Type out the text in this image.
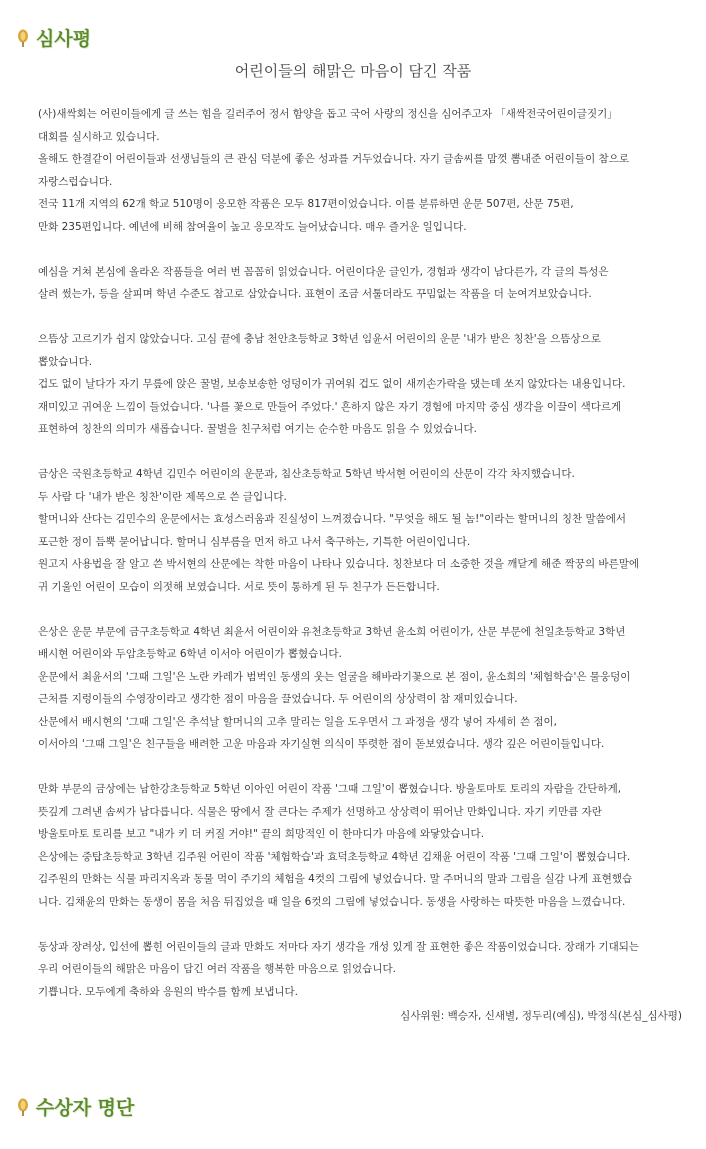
심사평
어린이들의 해맑은 마음이 담긴 작품
(사)새싹회는 어린이들에게 글 쓰는 힘을 길러주어 정서 함양을 돕고 국어 사랑의 정신을 심어주고자 「새싹전국어린이글짓기」
대회를 실시하고 있습니다.
올해도 한결같이 어린이들과 선생님들의 큰 관심 덕분에 좋은 성과를 거두었습니다. 자기 글솜씨를 맘껏 뽐내준 어린이들이 참으로
자랑스럽습니다.
전국 11개 지역의 62개 학교 510명이 응모한 작품은 모두 817편이었습니다. 이를 분류하면 운문 507편, 산문 75편,
만화 235편입니다. 예년에 비해 참여율이 높고 응모작도 늘어났습니다. 매우 즐거운 일입니다.
예심을 거쳐 본심에 올라온 작품들을 여러 번 꼼꼼히 읽었습니다. 어린이다운 글인가, 경험과 생각이 남다른가, 각 글의 특성은
살려 썼는가, 등을 살피며 학년 수준도 참고로 삼았습니다. 표현이 조금 서툴더라도 꾸밈없는 작품을 더 눈여겨보았습니다.
으뜸상 고르기가 쉽지 않았습니다. 고심 끝에 충남 천안초등학교 3학년 임윤서 어린이의 운문 '내가 받은 칭찬'을 으뜸상으로
뽑았습니다.
겁도 없이 날다가 자기 무릎에 앉은 꿀벌, 보송보송한 엉덩이가 귀여워 겁도 없이 새끼손가락을 댔는데 쏘지 않았다는 내용입니다.
재미있고 귀여운 느낌이 들었습니다. '나를 꽃으로 만들어 주었다.' 흔하지 않은 자기 경험에 마지막 중심 생각을 이끌이 색다르게
표현하여 칭찬의 의미가 새롭습니다. 꿀벌을 친구처럼 여기는 순수한 마음도 읽을 수 있었습니다.
금상은 국원초등학교 4학년 김민수 어린이의 운문과, 침산초등학교 5학년 박서현 어린이의 산문이 각각 차지했습니다.
두 사람 다 '내가 받은 칭찬'이란 제목으로 쓴 글입니다.
할머니와 산다는 김민수의 운문에서는 효성스러움과 진실성이 느껴졌습니다. "무엇을 해도 될 놈!"이라는 할머니의 칭찬 말씀에서
포근한 정이 듬뿍 묻어납니다. 할머니 심부름을 먼저 하고 나서 축구하는, 기특한 어린이입니다.
원고지 사용법을 잘 알고 쓴 박서현의 산문에는 착한 마음이 나타나 있습니다. 칭찬보다 더 소중한 것을 깨닫게 해준 짝꿍의 바른말에
귀 기울인 어린이 모습이 의젓해 보였습니다. 서로 뜻이 통하게 된 두 친구가 든든합니다.
은상은 운문 부문에 금구초등학교 4학년 최윤서 어린이와 유천초등학교 3학년 윤소희 어린이가, 산문 부문에 천일초등학교 3학년
배시현 어린이와 두암초등학교 6학년 이서아 어린이가 뽑혔습니다.
운문에서 최윤서의 '그때 그일'은 노란 카레가 범벅인 동생의 웃는 얼굴을 해바라기꽃으로 본 점이, 윤소희의 '체험학습'은 물웅덩이
근처를 지렁이들의 수영장이라고 생각한 점이 마음을 끌었습니다. 두 어린이의 상상력이 참 재미있습니다.
산문에서 배시현의 '그때 그일'은 추석날 할머니의 고추 말리는 일을 도우면서 그 과정을 생각 넣어 자세히 쓴 점이,
이서아의 '그때 그일'은 친구들을 배려한 고운 마음과 자기실현 의식이 뚜렷한 점이 돋보였습니다. 생각 깊은 어린이들입니다.
만화 부문의 금상에는 남한강초등학교 5학년 이아인 어린이 작품 '그때 그일'이 뽑혔습니다. 방울토마토 토리의 자람을 간단하게,
뜻깊게 그려낸 솜씨가 남다릅니다. 식물은 땅에서 잘 큰다는 주제가 선명하고 상상력이 뛰어난 만화입니다. 자기 키만큼 자란
방울토마토 토리를 보고 "내가 키 더 커질 거야!" 끝의 희망적인 이 한마디가 마음에 와닿았습니다.
은상에는 중탑초등학교 3학년 김주원 어린이 작품 '체험학습'과 효덕초등학교 4학년 김채윤 어린이 작품 '그때 그일'이 뽑혔습니다.
김주원의 만화는 식물 파리지옥과 동물 먹이 주기의 체험을 4컷의 그림에 넣었습니다. 말 주머니의 말과 그림을 실감 나게 표현했습
니다. 김채윤의 만화는 동생이 몸을 처음 뒤집었을 때 일을 6컷의 그림에 넣었습니다. 동생을 사랑하는 따뜻한 마음을 느꼈습니다.
동상과 장려상, 입선에 뽑힌 어린이들의 글과 만화도 저마다 자기 생각을 개성 있게 잘 표현한 좋은 작품이었습니다. 장래가 기대되는
우리 어린이들의 해맑은 마음이 담긴 여러 작품을 행복한 마음으로 읽었습니다.
기쁩니다. 모두에게 축하와 응원의 박수를 함께 보냅니다.
심사위원: 백승자, 신새별, 정두리(예심), 박정식(본심_심사평)
수상자 명단
